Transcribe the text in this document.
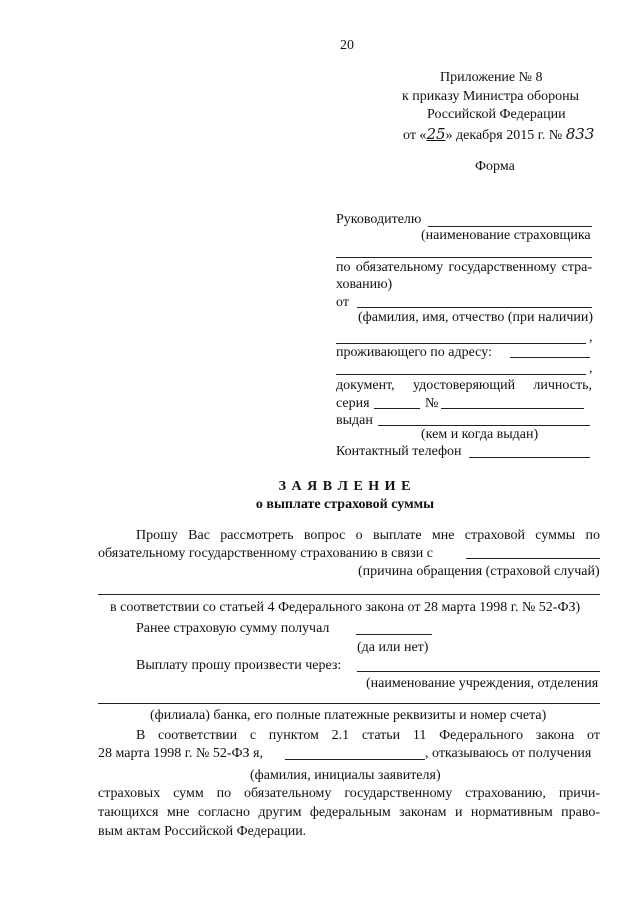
20
Приложение № 8
к приказу Министра обороны
Российской Федерации
от «25» декабря 2015 г. № 833
Форма
Руководителю
(наименование страховщика
по обязательному государственному стра-
хованию)
от
(фамилия, имя, отчество (при наличии)
,
проживающего по адресу:
,
документ, удостоверяющий личность,
серия	№
выдан
(кем и когда выдан)
Контактный телефон
З А Я В Л Е Н И Е
о выплате страховой суммы
Прошу Вас рассмотреть вопрос о выплате мне страховой суммы по
обязательному государственному страхованию в связи с
(причина обращения (страховой случай)
в соответствии со статьей 4 Федерального закона от 28 марта 1998 г. № 52-ФЗ)
Ранее страховую сумму получал
(да или нет)
Выплату прошу произвести через:
(наименование учреждения, отделения
(филиала) банка, его полные платежные реквизиты и номер счета)
В соответствии с пунктом 2.1 статьи 11 Федерального закона от
28 марта 1998 г. № 52-ФЗ я,	, отказываюсь от получения
(фамилия, инициалы заявителя)
страховых сумм по обязательному государственному страхованию, причи-
тающихся мне согласно другим федеральным законам и нормативным право-
вым актам Российской Федерации.
